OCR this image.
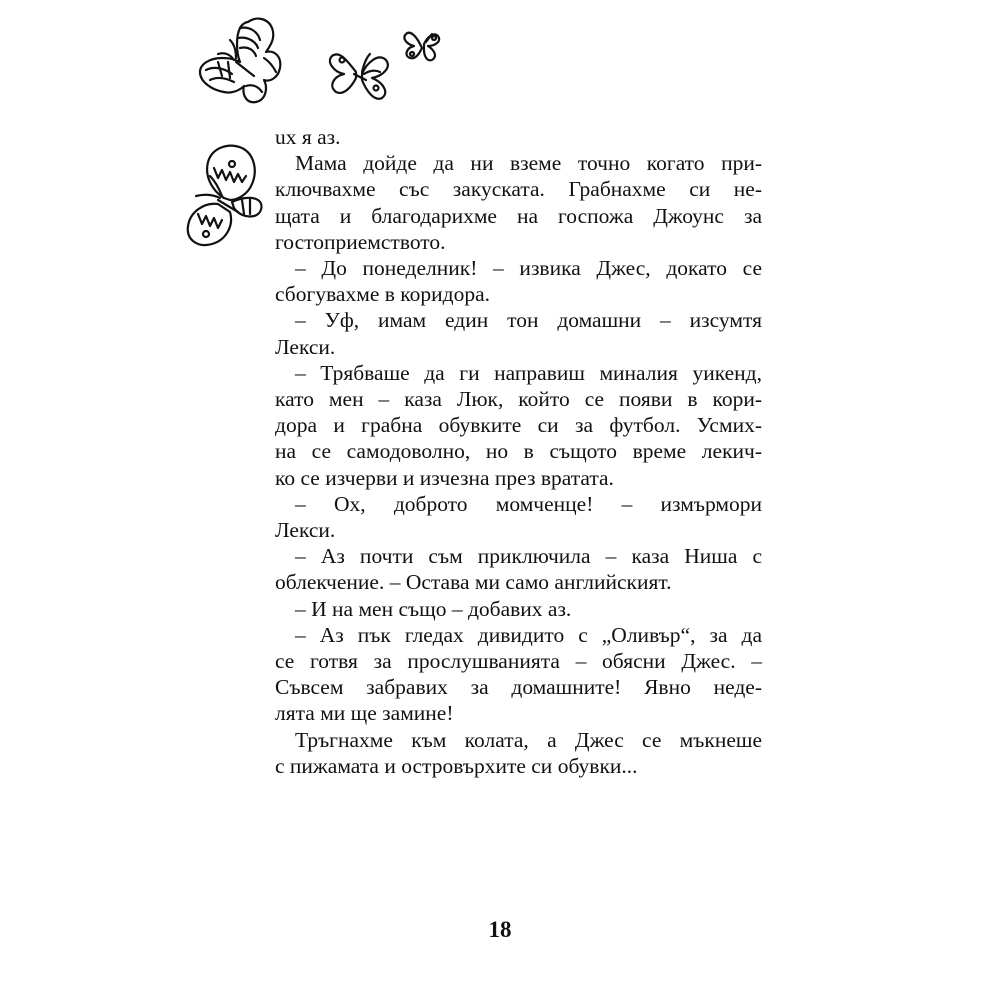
ux я аз.

Мама дойде да ни вземе точно когато при-
ключвахме със закуската. Грабнахме си не-
щата и благодарихме на госпожа Джоунс за
гостоприемството.

– До понеделник! – извика Джес, докато се
сбогувахме в коридора.

– Уф, имам един тон домашни – изсумтя
Лекси.

– Трябваше да ги направиш миналия уикенд,
като мен – каза Люк, който се появи в кори-
дора и грабна обувките си за футбол. Усмих-
на се самодоволно, но в същото време лекич-
ко се изчерви и изчезна през вратата.

– Ох, доброто момченце! – измърмори
Лекси.

– Аз почти съм приключила – каза Ниша с
облекчение. – Остава ми само английският.

– И на мен също – добавих аз.

– Аз пък гледах дивидито с „Оливър“, за да
се готвя за прослушванията – обясни Джес. –
Съвсем забравих за домашните! Явно неде-
лята ми ще замине!

Тръгнахме към колата, а Джес се мъкнеше
с пижамата и островърхите си обувки...

18
